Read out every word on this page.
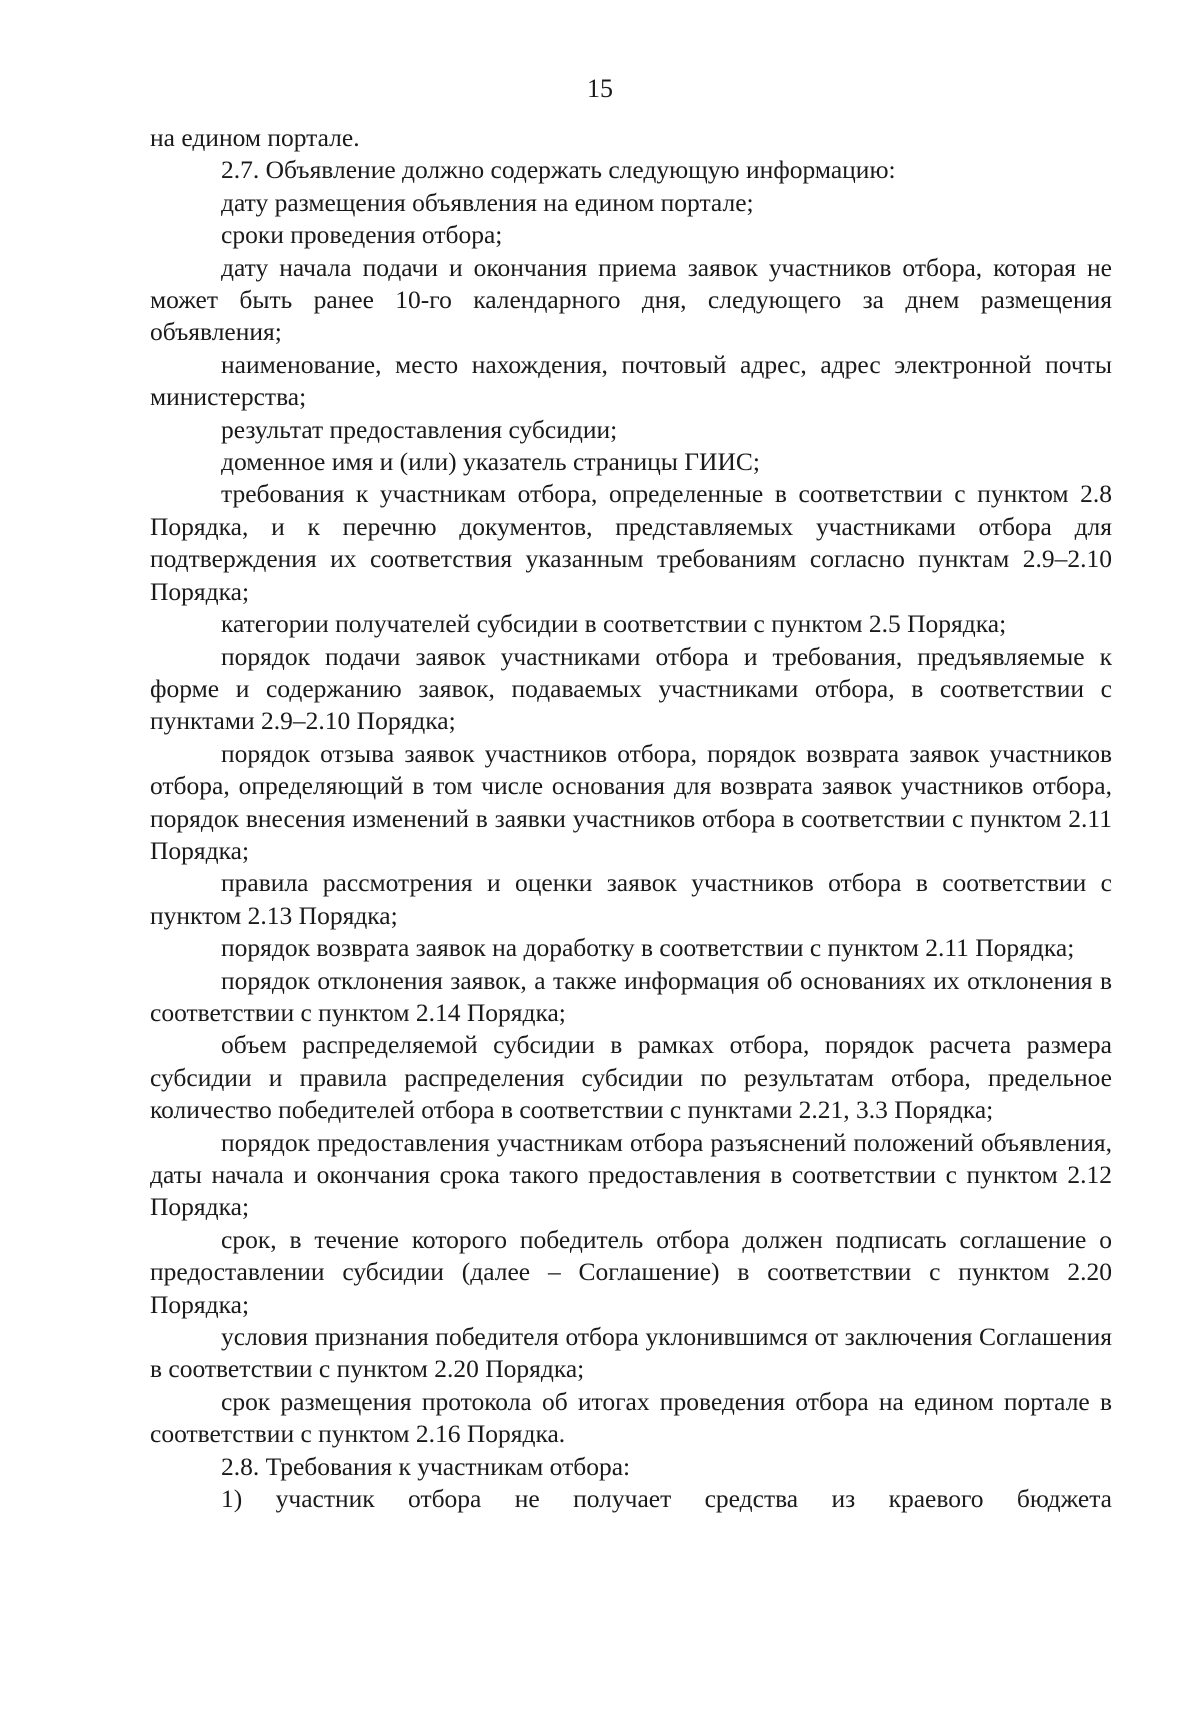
15

на едином портале.

2.7. Объявление должно содержать следующую информацию:

дату размещения объявления на едином портале;

сроки проведения отбора;

дату начала подачи и окончания приема заявок участников отбора, которая не может быть ранее 10-го календарного дня, следующего за днем размещения объявления;

наименование, место нахождения, почтовый адрес, адрес электронной почты министерства;

результат предоставления субсидии;

доменное имя и (или) указатель страницы ГИИС;

требования к участникам отбора, определенные в соответствии с пунктом 2.8 Порядка, и к перечню документов, представляемых участниками отбора для подтверждения их соответствия указанным требованиям согласно пунктам 2.9–2.10 Порядка;

категории получателей субсидии в соответствии с пунктом 2.5 Порядка;

порядок подачи заявок участниками отбора и требования, предъявляемые к форме и содержанию заявок, подаваемых участниками отбора, в соответствии с пунктами 2.9–2.10 Порядка;

порядок отзыва заявок участников отбора, порядок возврата заявок участников отбора, определяющий в том числе основания для возврата заявок участников отбора, порядок внесения изменений в заявки участников отбора в соответствии с пунктом 2.11 Порядка;

правила рассмотрения и оценки заявок участников отбора в соответствии с пунктом 2.13 Порядка;

порядок возврата заявок на доработку в соответствии с пунктом 2.11 Порядка;

порядок отклонения заявок, а также информация об основаниях их отклонения в соответствии с пунктом 2.14 Порядка;

объем распределяемой субсидии в рамках отбора, порядок расчета размера субсидии и правила распределения субсидии по результатам отбора, предельное количество победителей отбора в соответствии с пунктами 2.21, 3.3 Порядка;

порядок предоставления участникам отбора разъяснений положений объявления, даты начала и окончания срока такого предоставления в соответствии с пунктом 2.12 Порядка;

срок, в течение которого победитель отбора должен подписать соглашение о предоставлении субсидии (далее – Соглашение) в соответствии с пунктом 2.20 Порядка;

условия признания победителя отбора уклонившимся от заключения Соглашения в соответствии с пунктом 2.20 Порядка;

срок размещения протокола об итогах проведения отбора на едином портале в соответствии с пунктом 2.16 Порядка.

2.8. Требования к участникам отбора:

1) участник отбора не получает средства из краевого бюджета
